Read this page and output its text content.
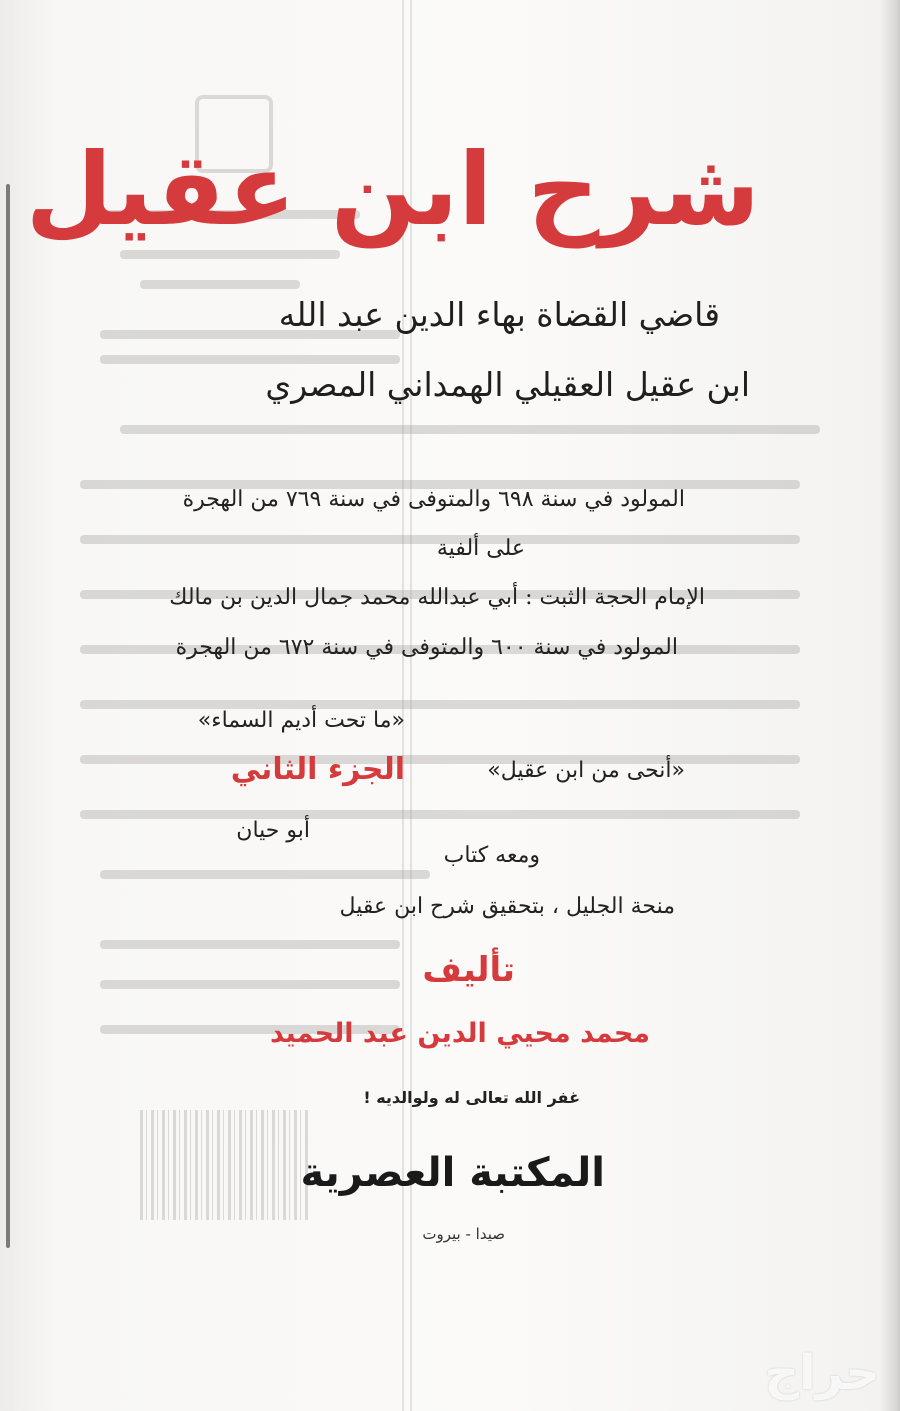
شرح ابن عقيل
قاضي القضاة بهاء الدين عبد الله
ابن عقيل العقيلي الهمداني المصري
المولود في سنة ٦٩٨ والمتوفى في سنة ٧٦٩ من الهجرة
على ألفية
الإمام الحجة الثبت : أبي عبدالله محمد جمال الدين بن مالك
المولود في سنة ٦٠٠ والمتوفى في سنة ٦٧٢ من الهجرة
«ما تحت أديم السماء»
الجزء الثاني	«أنحى من ابن عقيل»
أبو حيان
ومعه كتاب
منحة الجليل ، بتحقيق شرح ابن عقيل
تأليف
محمد محيي الدين عبد الحميد
غفر الله تعالى له ولوالديه !
المكتبة العصرية
صيدا - بيروت
حراج
